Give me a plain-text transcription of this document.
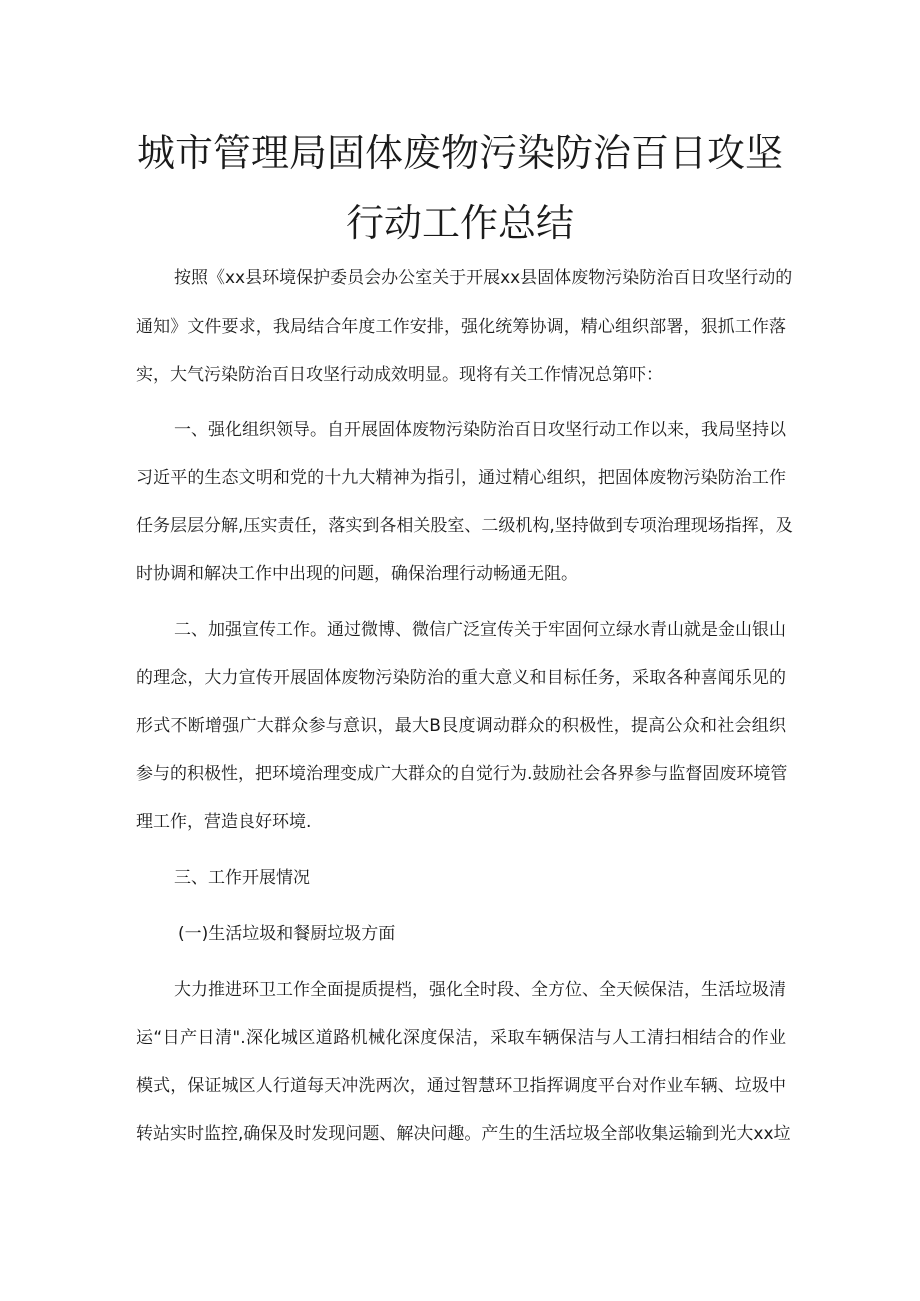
城市管理局固体废物污染防治百日攻坚
行动工作总结
按照《xx县环境保护委员会办公室关于开展xx县固体废物污染防治百日攻坚行动的
通知》文件要求，我局结合年度工作安排，强化统筹协调，精心组织部署，狠抓工作落
实，大气污染防治百日攻坚行动成效明显。现将有关工作情况总第吓：
一、强化组织领导。自开展固体废物污染防治百日攻坚行动工作以来，我局坚持以
习近平的生态文明和党的十九大精神为指引，通过精心组织，把固体废物污染防治工作
任务层层分解,压实责任，落实到各相关股室、二级机构,坚持做到专项治理现场指挥，及
时协调和解决工作中出现的问题，确保治理行动畅通无阻。
二、加强宣传工作。通过微博、微信广泛宣传关于牢固何立绿水青山就是金山银山
的理念，大力宣传开展固体废物污染防治的重大意义和目标任务，采取各种喜闻乐见的
形式不断增强广大群众参与意识，最大B艮度调动群众的积极性，提高公众和社会组织
参与的积极性，把环境治理变成广大群众的自觉行为.鼓励社会各界参与监督固废环境管
理工作，营造良好环境.
三、工作开展情况
(一)生活垃圾和餐厨垃圾方面
大力推进环卫工作全面提质提档，强化全时段、全方位、全天候保洁，生活垃圾清
运“日产日清".深化城区道路机械化深度保洁，采取车辆保洁与人工清扫相结合的作业
模式，保证城区人行道每天冲洗两次，通过智慧环卫指挥调度平台对作业车辆、垃圾中
转站实时监控,确保及时发现问题、解决问趣。产生的生活垃圾全部收集运输到光大xx垃
